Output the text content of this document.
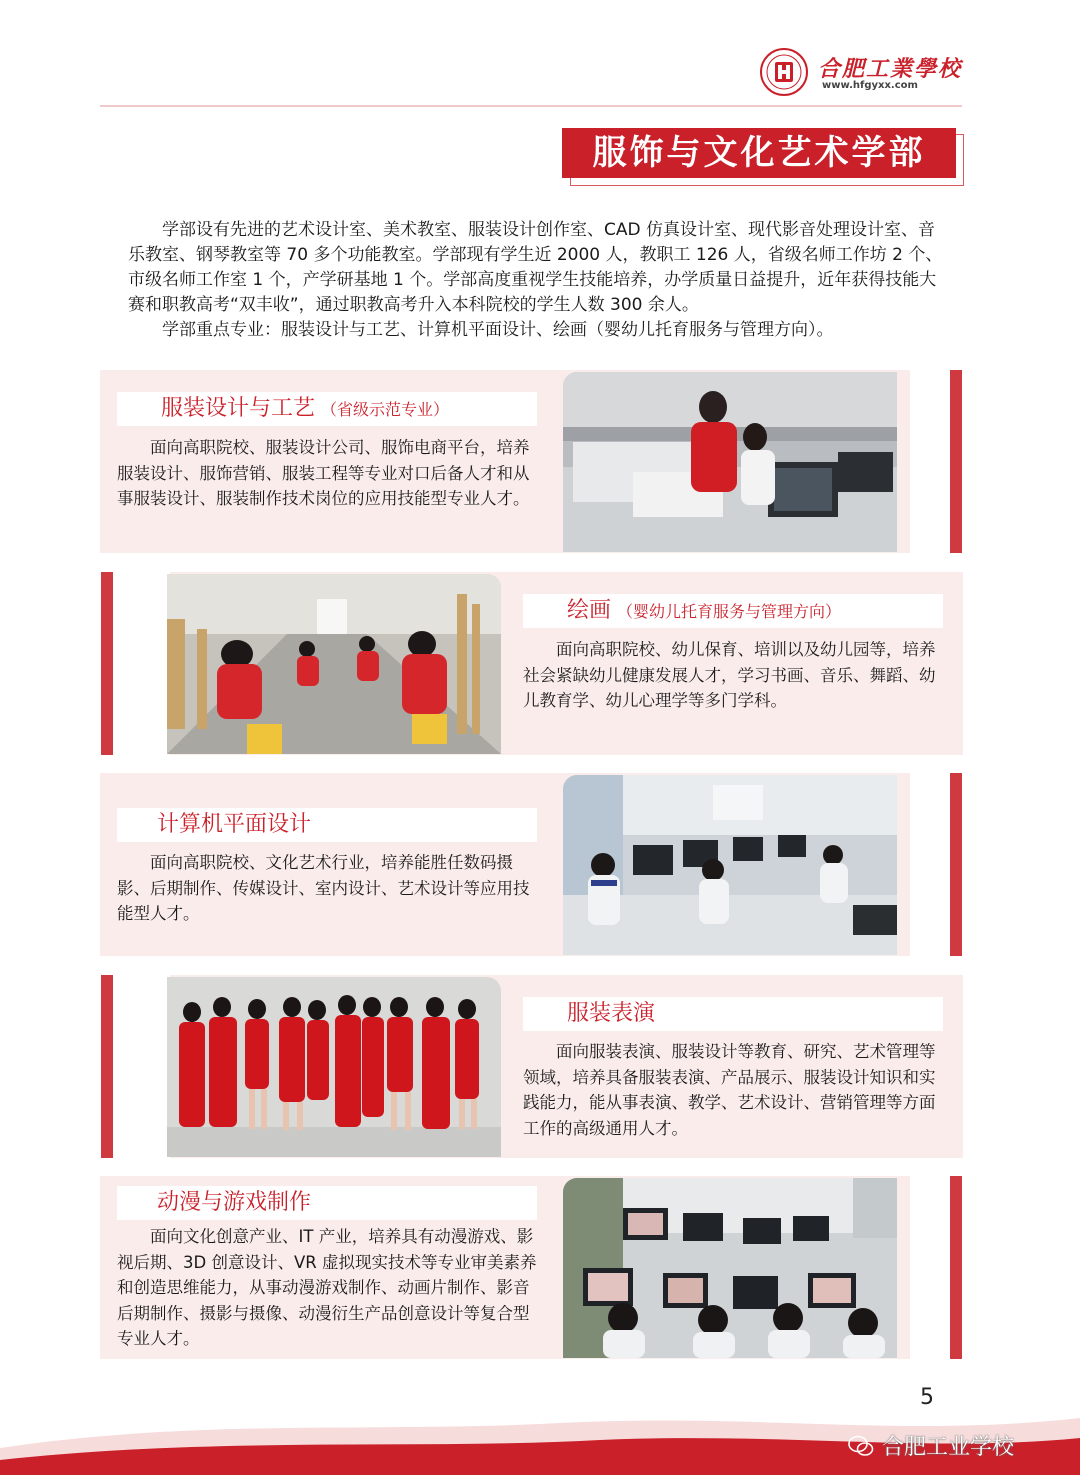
合肥工業學校
www.hfgyxx.com
服饰与文化艺术学部

学部设有先进的艺术设计室、美术教室、服装设计创作室、CAD 仿真设计室、现代影音处理设计室、音乐教室、钢琴教室等 70 多个功能教室。学部现有学生近 2000 人，教职工 126 人，省级名师工作坊 2 个、市级名师工作室 1 个，产学研基地 1 个。学部高度重视学生技能培养，办学质量日益提升，近年获得技能大赛和职教高考“双丰收”，通过职教高考升入本科院校的学生人数 300 余人。

学部重点专业：服装设计与工艺、计算机平面设计、绘画（婴幼儿托育服务与管理方向）。

服装设计与工艺 （省级示范专业）

面向高职院校、服装设计公司、服饰电商平台，培养服装设计、服饰营销、服装工程等专业对口后备人才和从事服装设计、服装制作技术岗位的应用技能型专业人才。

绘画 （婴幼儿托育服务与管理方向）

面向高职院校、幼儿保育、培训以及幼儿园等，培养社会紧缺幼儿健康发展人才，学习书画、音乐、舞蹈、幼儿教育学、幼儿心理学等多门学科。

计算机平面设计

面向高职院校、文化艺术行业，培养能胜任数码摄影、后期制作、传媒设计、室内设计、艺术设计等应用技能型人才。

服装表演

面向服装表演、服装设计等教育、研究、艺术管理等领域，培养具备服装表演、产品展示、服装设计知识和实践能力，能从事表演、教学、艺术设计、营销管理等方面工作的高级通用人才。

动漫与游戏制作

面向文化创意产业、IT 产业，培养具有动漫游戏、影视后期、3D 创意设计、VR 虚拟现实技术等专业审美素养和创造思维能力，从事动漫游戏制作、动画片制作、影音后期制作、摄影与摄像、动漫衍生产品创意设计等复合型专业人才。

5
合肥工业学校
